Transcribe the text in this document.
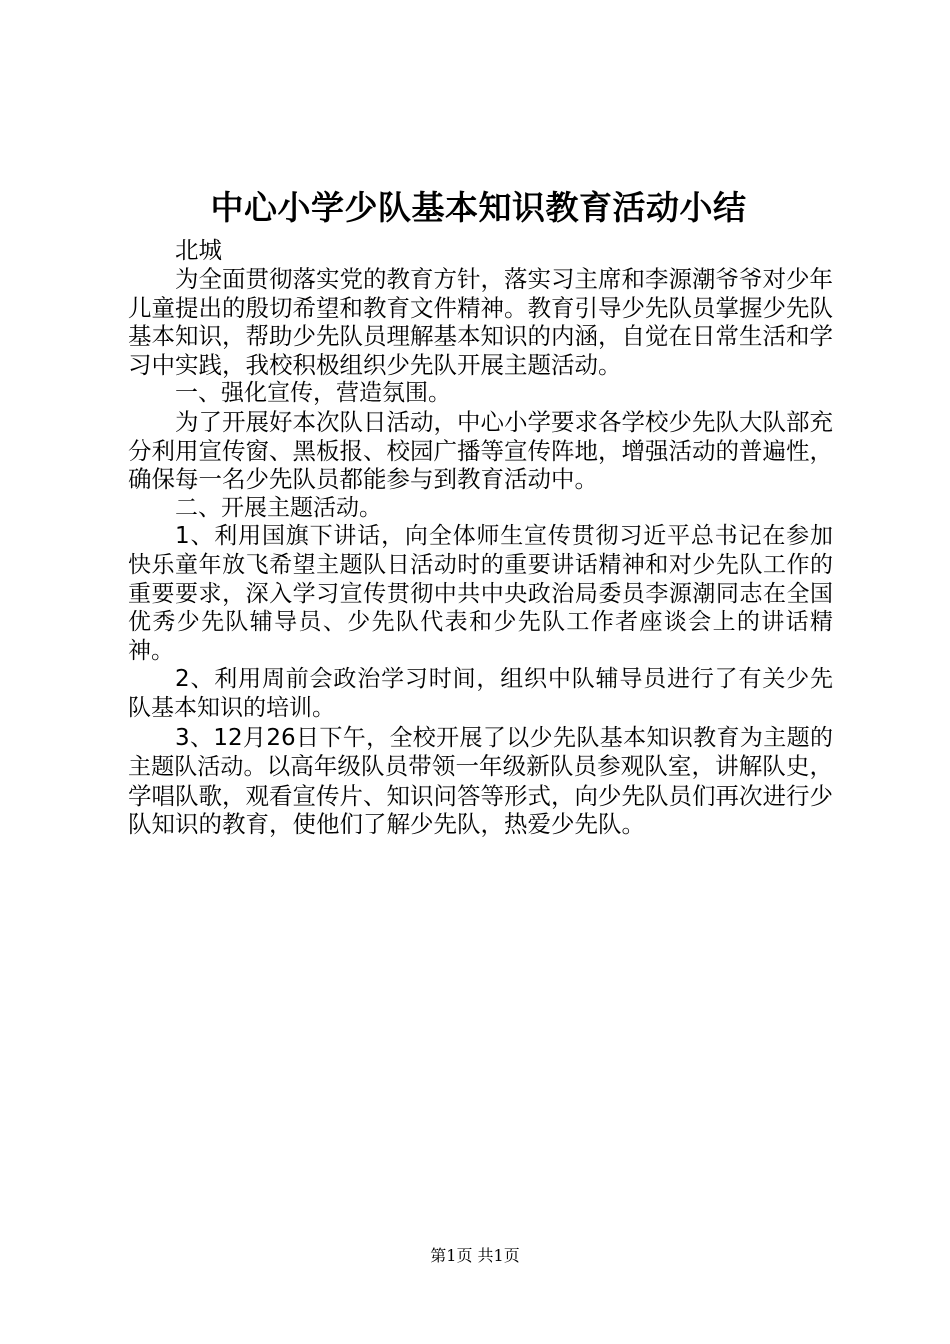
中心小学少队基本知识教育活动小结

北城

为全面贯彻落实党的教育方针，落实习主席和李源潮爷爷对少年儿童提出的殷切希望和教育文件精神。教育引导少先队员掌握少先队基本知识，帮助少先队员理解基本知识的内涵，自觉在日常生活和学习中实践，我校积极组织少先队开展主题活动。

一、强化宣传，营造氛围。

为了开展好本次队日活动，中心小学要求各学校少先队大队部充分利用宣传窗、黑板报、校园广播等宣传阵地，增强活动的普遍性，确保每一名少先队员都能参与到教育活动中。

二、开展主题活动。

1、利用国旗下讲话，向全体师生宣传贯彻习近平总书记在参加快乐童年放飞希望主题队日活动时的重要讲话精神和对少先队工作的重要要求，深入学习宣传贯彻中共中央政治局委员李源潮同志在全国优秀少先队辅导员、少先队代表和少先队工作者座谈会上的讲话精神。

2、利用周前会政治学习时间，组织中队辅导员进行了有关少先队基本知识的培训。

3、12月26日下午，全校开展了以少先队基本知识教育为主题的主题队活动。以高年级队员带领一年级新队员参观队室，讲解队史，学唱队歌，观看宣传片、知识问答等形式，向少先队员们再次进行少队知识的教育，使他们了解少先队，热爱少先队。

第1页 共1页
